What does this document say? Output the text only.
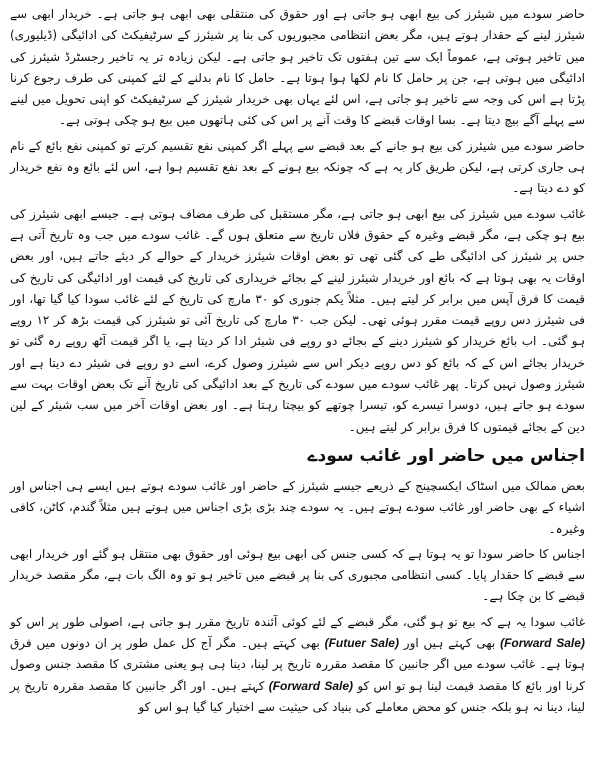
حاضر سودے میں شیئرز کی بیع ابھی ہو جاتی ہے اور حقوق کی منتقلی بھی ابھی ہو جاتی ہے۔ خریدار ابھی سے شیئرز لینے کے حقدار ہوتے ہیں، مگر بعض انتظامی مجبوریوں کی بنا پر شیئرز کے سرٹیفیکٹ کی ادائیگی (ڈیلیوری) میں تاخیر ہوتی ہے، عموماً ایک سے تین ہفتوں تک تاخیر ہو جاتی ہے۔ لیکن زیادہ تر یہ تاخیر رجسٹرڈ شیئرز کی ادائیگی میں ہوتی ہے، جن پر حامل کا نام لکھا ہوا ہوتا ہے۔ حامل کا نام بدلنے کے لئے کمپنی کی طرف رجوع کرنا پڑتا ہے اس کی وجہ سے تاخیر ہو جاتی ہے، اس لئے یہاں بھی خریدار شیئرز کے سرٹیفیکٹ کو اپنی تحویل میں لینے سے پہلے آگے بیچ دیتا ہے۔ بسا اوقات قبضے کا وقت آنے پر اس کی کئی ہاتھوں میں بیع ہو چکی ہوتی ہے۔

حاضر سودے میں شیئرز کی بیع ہو جانے کے بعد قبضے سے پہلے اگر کمپنی نفع تقسیم کرتے تو کمپنی نفع بائع کے نام ہی جاری کرتی ہے، لیکن طریق کار یہ ہے کہ چونکہ بیع ہونے کے بعد نفع تقسیم ہوا ہے، اس لئے بائع وہ نفع خریدار کو دے دیتا ہے۔

غائب سودے میں شیئرز کی بیع ابھی ہو جاتی ہے، مگر مستقبل کی طرف مضاف ہوتی ہے۔ جیسے ابھی شیئرز کی بیع ہو چکی ہے، مگر قبضے وغیرہ کے حقوق فلاں تاریخ سے متعلق ہوں گے۔ غائب سودے میں جب وہ تاریخ آتی ہے جس پر شیئرز کی ادائیگی طے کی گئی تھی تو بعض اوقات شیئرز خریدار کے حوالے کر دیئے جاتے ہیں، اور بعض اوقات یہ بھی ہوتا ہے کہ بائع اور خریدار شیئرز لینے کے بجائے خریداری کی تاریخ کی قیمت اور ادائیگی کی تاریخ کی قیمت کا فرق آپس میں برابر کر لیتے ہیں۔ مثلاً یکم جنوری کو ۳۰ مارچ کی تاریخ کے لئے غائب سودا کیا گیا تھا، اور فی شیئرز دس روپے قیمت مقرر ہوئی تھی۔ لیکن جب ۳۰ مارچ کی تاریخ آئی تو شیئرز کی قیمت بڑھ کر ۱۲ روپے ہو گئی۔ اب بائع خریدار کو شیئرز دینے کے بجائے دو روپے فی شیئر ادا کر دیتا ہے، یا اگر قیمت آٹھ روپے رہ گئی تو خریدار بجائے اس کے کہ بائع کو دس روپے دیکر اس سے شیئرز وصول کرے، اسے دو روپے فی شیئر دے دیتا ہے اور شیئرز وصول نہیں کرتا۔ پھر غائب سودے میں سودے کی تاریخ کے بعد ادائیگی کی تاریخ آنے تک بعض اوقات بہت سے سودے ہو جاتے ہیں، دوسرا تیسرے کو، تیسرا چوتھے کو بیچتا رہتا ہے۔ اور بعض اوقات آخر میں سب شیئر کے لین دین کے بجائے قیمتوں کا فرق برابر کر لیتے ہیں۔

اجناس میں حاضر اور غائب سودے

بعض ممالک میں اسٹاک ایکسچینج کے ذریعے جیسے شیئرز کے حاضر اور غائب سودے ہوتے ہیں ایسے ہی اجناس اور اشیاء کے بھی حاضر اور غائب سودے ہوتے ہیں۔ یہ سودے چند بڑی بڑی اجناس میں ہوتے ہیں مثلاً گندم، کاٹن، کافی وغیرہ۔

اجناس کا حاضر سودا تو یہ ہوتا ہے کہ کسی جنس کی ابھی بیع ہوئی اور حقوق بھی منتقل ہو گئے اور خریدار ابھی سے قبضے کا حقدار پایا۔ کسی انتظامی مجبوری کی بنا پر قبضے میں تاخیر ہو تو وہ الگ بات ہے، مگر مقصد خریدار قبضے کا بن چکا ہے۔

غائب سودا یہ ہے کہ بیع تو ہو گئی، مگر قبضے کے لئے کوئی آئندہ تاریخ مقرر ہو جاتی ہے، اصولی طور پر اس کو (Forward Sale) بھی کہتے ہیں اور (Futuer Sale) بھی کہتے ہیں۔ مگر آج کل عمل طور پر ان دونوں میں فرق ہوتا ہے۔ غائب سودے میں اگر جانبین کا مقصد مقررہ تاریخ پر لینا، دینا ہی ہو یعنی مشتری کا مقصد جنس وصول کرنا اور بائع کا مقصد قیمت لینا ہو تو اس کو (Forward Sale) کہتے ہیں۔ اور اگر جانبین کا مقصد مقررہ تاریخ پر لینا، دینا نہ ہو بلکہ جنس کو محض معاملے کی بنیاد کی حیثیت سے اختیار کیا گیا ہو اس کو
